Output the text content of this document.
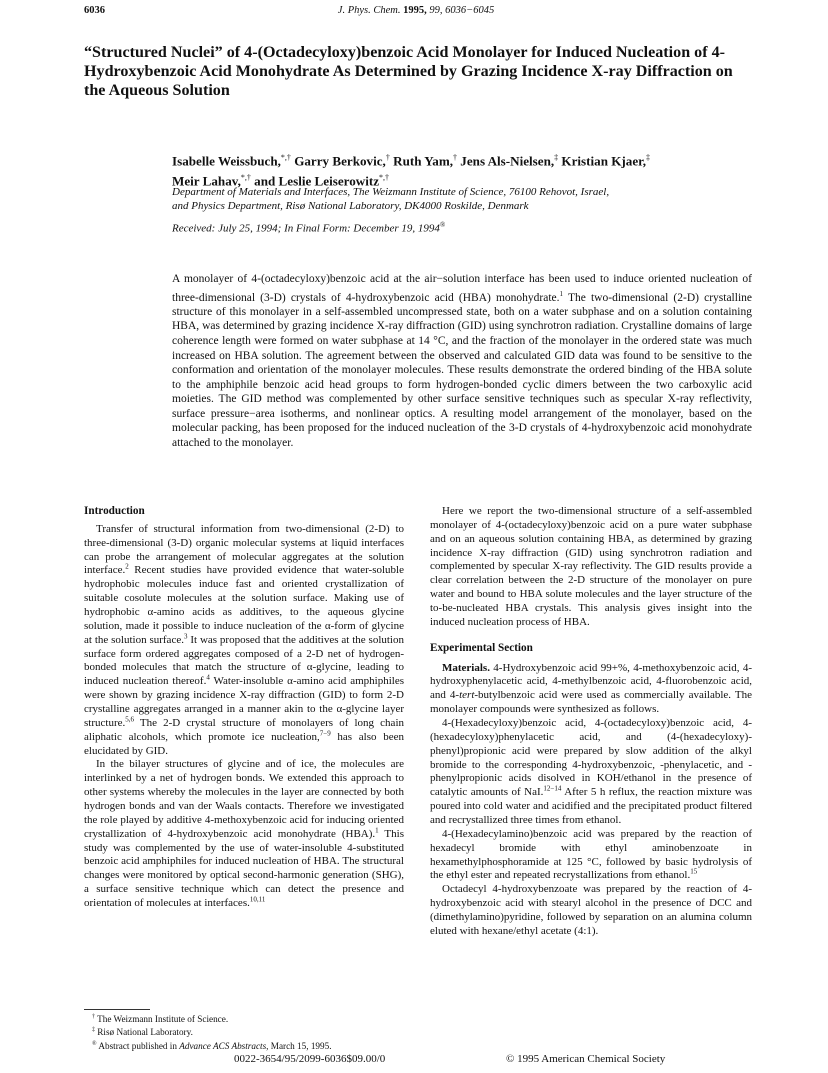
6036	J. Phys. Chem. 1995, 99, 6036−6045
“Structured Nuclei” of 4-(Octadecyloxy)benzoic Acid Monolayer for Induced Nucleation of 4-Hydroxybenzoic Acid Monohydrate As Determined by Grazing Incidence X-ray Diffraction on the Aqueous Solution
Isabelle Weissbuch,*,† Garry Berkovic,† Ruth Yam,† Jens Als-Nielsen,‡ Kristian Kjaer,‡
Meir Lahav,*,† and Leslie Leiserowitz*,†
Department of Materials and Interfaces, The Weizmann Institute of Science, 76100 Rehovot, Israel,
and Physics Department, Risø National Laboratory, DK4000 Roskilde, Denmark
Received: July 25, 1994; In Final Form: December 19, 1994®
A monolayer of 4-(octadecyloxy)benzoic acid at the air−solution interface has been used to induce oriented nucleation of three-dimensional (3-D) crystals of 4-hydroxybenzoic acid (HBA) monohydrate.$^1$ The two-dimensional (2-D) crystalline structure of this monolayer in a self-assembled uncompressed state, both on a water subphase and on a solution containing HBA, was determined by grazing incidence X-ray diffraction (GID) using synchrotron radiation. Crystalline domains of large coherence length were formed on water subphase at 14 °C, and the fraction of the monolayer in the ordered state was much increased on HBA solution. The agreement between the observed and calculated GID data was found to be sensitive to the conformation and orientation of the monolayer molecules. These results demonstrate the ordered binding of the HBA solute to the amphiphile benzoic acid head groups to form hydrogen-bonded cyclic dimers between the two carboxylic acid moieties. The GID method was complemented by other surface sensitive techniques such as specular X-ray reflectivity, surface pressure−area isotherms, and nonlinear optics. A resulting model arrangement of the monolayer, based on the molecular packing, has been proposed for the induced nucleation of the 3-D crystals of 4-hydroxybenzoic acid monohydrate attached to the monolayer.
Introduction

Transfer of structural information from two-dimensional (2-D) to three-dimensional (3-D) organic molecular systems at liquid interfaces can probe the arrangement of molecular aggregates at the solution interface.$^2$ Recent studies have provided evidence that water-soluble hydrophobic molecules induce fast and oriented crystallization of suitable cosolute molecules at the solution surface. Making use of hydrophobic α-amino acids as additives, to the aqueous glycine solution, made it possible to induce nucleation of the α-form of glycine at the solution surface.$^3$ It was proposed that the additives at the solution surface form ordered aggregates composed of a 2-D net of hydrogen-bonded molecules that match the structure of α-glycine, leading to induced nucleation thereof.$^4$ Water-insoluble α-amino acid amphiphiles were shown by grazing incidence X-ray diffraction (GID) to form 2-D crystalline aggregates arranged in a manner akin to the α-glycine layer structure.$^{5,6}$ The 2-D crystal structure of monolayers of long chain aliphatic alcohols, which promote ice nucleation,$^{7-9}$ has also been elucidated by GID.

In the bilayer structures of glycine and of ice, the molecules are interlinked by a net of hydrogen bonds. We extended this approach to other systems whereby the molecules in the layer are connected by both hydrogen bonds and van der Waals contacts. Therefore we investigated the role played by additive 4-methoxybenzoic acid for inducing oriented crystallization of 4-hydroxybenzoic acid monohydrate (HBA).$^1$ This study was complemented by the use of water-insoluble 4-substituted benzoic acid amphiphiles for induced nucleation of HBA. The structural changes were monitored by optical second-harmonic generation (SHG), a surface sensitive technique which can detect the presence and orientation of molecules at interfaces.$^{10,11}$

† The Weizmann Institute of Science.
‡ Risø National Laboratory.
® Abstract published in Advance ACS Abstracts, March 15, 1995.

Here we report the two-dimensional structure of a self-assembled monolayer of 4-(octadecyloxy)benzoic acid on a pure water subphase and on an aqueous solution containing HBA, as determined by grazing incidence X-ray diffraction (GID) using synchrotron radiation and complemented by specular X-ray reflectivity. The GID results provide a clear correlation between the 2-D structure of the monolayer on pure water and bound to HBA solute molecules and the layer structure of the to-be-nucleated HBA crystals. This analysis gives insight into the induced nucleation process of HBA.

Experimental Section

Materials. 4-Hydroxybenzoic acid 99+%, 4-methoxybenzoic acid, 4-hydroxyphenylacetic acid, 4-methylbenzoic acid, 4-fluorobenzoic acid, and 4-tert-butylbenzoic acid were used as commercially available. The monolayer compounds were synthesized as follows.

4-(Hexadecyloxy)benzoic acid, 4-(octadecyloxy)benzoic acid, 4-(hexadecyloxy)phenylacetic acid, and (4-(hexadecyloxy)-phenyl)propionic acid were prepared by slow addition of the alkyl bromide to the corresponding 4-hydroxybenzoic, -phenylacetic, and -phenylpropionic acids disolved in KOH/ethanol in the presence of catalytic amounts of NaI.$^{12-14}$ After 5 h reflux, the reaction mixture was poured into cold water and acidified and the precipitated product filtered and recrystallized three times from ethanol.

4-(Hexadecylamino)benzoic acid was prepared by the reaction of hexadecyl bromide with ethyl aminobenzoate in hexamethylphosphoramide at 125 °C, followed by basic hydrolysis of the ethyl ester and repeated recrystallizations from ethanol.$^{15}$

Octadecyl 4-hydroxybenzoate was prepared by the reaction of 4-hydroxybenzoic acid with stearyl alcohol in the presence of DCC and (dimethylamino)pyridine, followed by separation on an alumina column eluted with hexane/ethyl acetate (4:1).

0022-3654/95/2099-6036$09.00/0	© 1995 American Chemical Society
